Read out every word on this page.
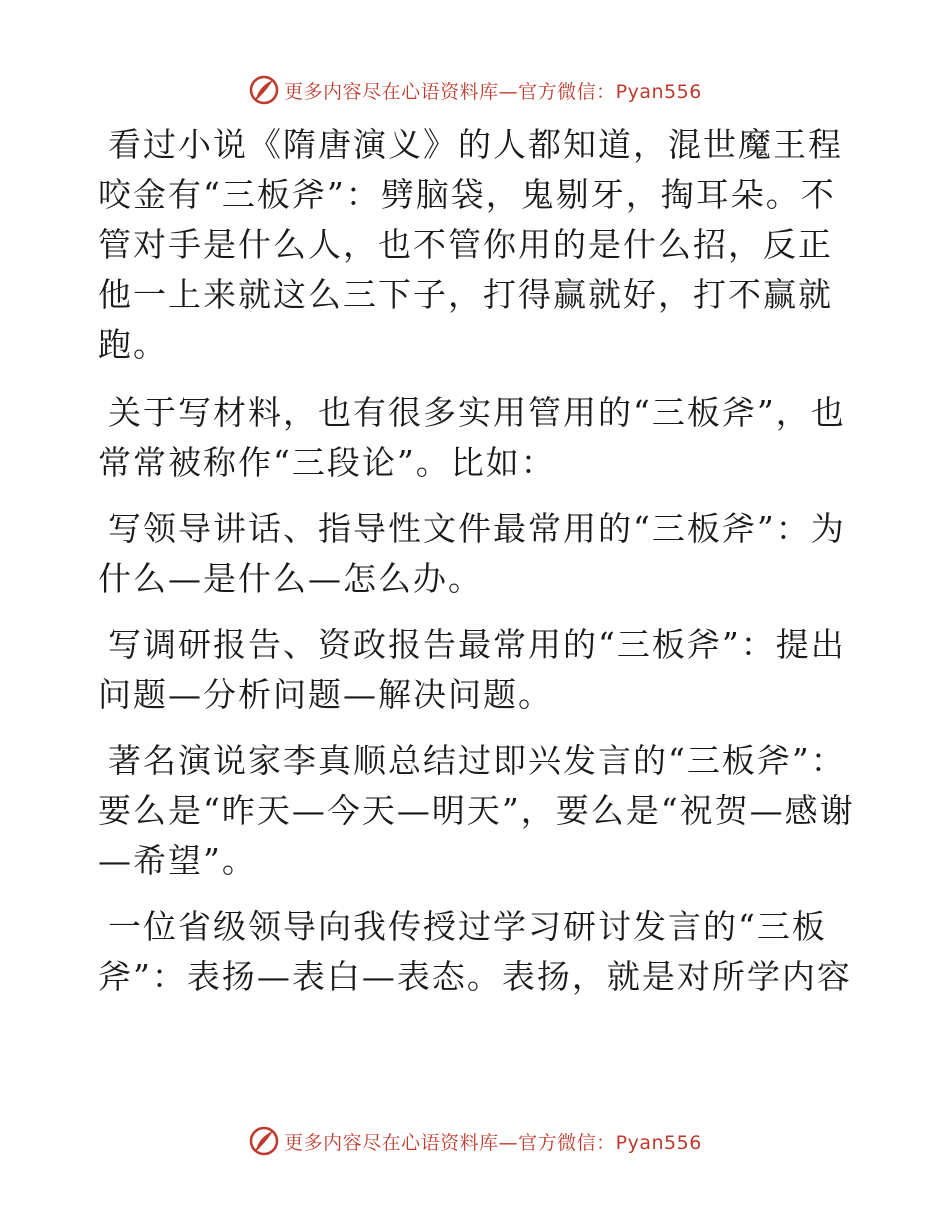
更多内容尽在心语资料库—官方微信：Pyan556

看过小说《隋唐演义》的人都知道，混世魔王程咬金有“三板斧”：劈脑袋，鬼剔牙，掏耳朵。不管对手是什么人，也不管你用的是什么招，反正他一上来就这么三下子，打得赢就好，打不赢就跑。

关于写材料，也有很多实用管用的“三板斧”，也常常被称作“三段论”。比如：

写领导讲话、指导性文件最常用的“三板斧”：为什么—是什么—怎么办。

写调研报告、资政报告最常用的“三板斧”：提出问题—分析问题—解决问题。

著名演说家李真顺总结过即兴发言的“三板斧”：要么是“昨天—今天—明天”，要么是“祝贺—感谢—希望”。

一位省级领导向我传授过学习研讨发言的“三板斧”：表扬—表白—表态。表扬，就是对所学内容

更多内容尽在心语资料库—官方微信：Pyan556
